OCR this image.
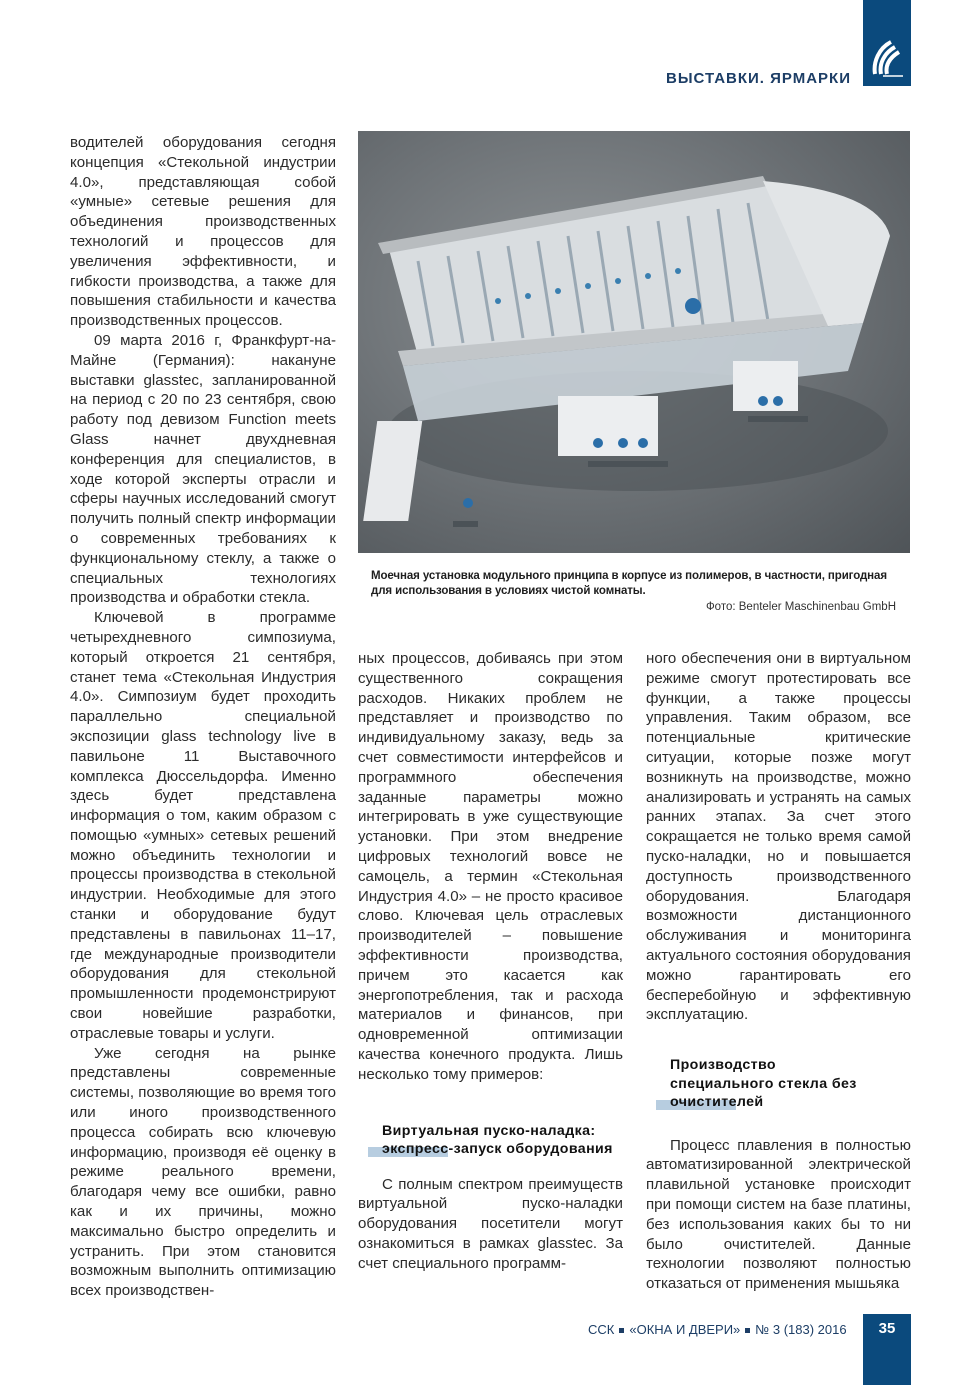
ВЫСТАВКИ. ЯРМАРКИ

водителей оборудования сегодня концепция «Стекольной индустрии 4.0», представляющая собой «умные» сетевые решения для объединения производственных технологий и процессов для увеличения эффективности, и гибкости производства, а также для повышения стабильности и качества производственных процессов.

09 марта 2016 г, Франкфурт-на-Майне (Германия): накануне выставки glasstec, запланированной на период с 20 по 23 сентября, свою работу под девизом Function meets Glass начнет двухдневная конференция для специалистов, в ходе которой эксперты отрасли и сферы научных исследований смогут получить полный спектр информации о современных требованиях к функциональному стеклу, а также о специальных технологиях производства и обработки стекла.

Ключевой в программе четырехдневного симпозиума, который откроется 21 сентября, станет тема «Стекольная Индустрия 4.0». Симпозиум будет проходить параллельно специальной экспозиции glass technology live в павильоне 11 Выставочного комплекса Дюссельдорфа. Именно здесь будет представлена информация о том, каким образом с помощью «умных» сетевых решений можно объединить технологии и процессы производства в стекольной индустрии. Необходимые для этого станки и оборудование будут представлены в павильонах 11–17, где международные производители оборудования для стекольной промышленности продемонстрируют свои новейшие разработки, отраслевые товары и услуги.

Уже сегодня на рынке представлены современные системы, позволяющие во время того или иного производственного процесса собирать всю ключевую информацию, производя её оценку в режиме реального времени, благодаря чему все ошибки, равно как и их причины, можно максимально быстро определить и устранить. При этом становится возможным выполнить оптимизацию всех производствен-

Моечная установка модульного принципа в корпусе из полимеров, в частности, пригодная для использования в условиях чистой комнаты.
Фото: Benteler Maschinenbau GmbH

ных процессов, добиваясь при этом существенного сокращения расходов. Никаких проблем не представляет и производство по индивидуальному заказу, ведь за счет совместимости интерфейсов и программного обеспечения заданные параметры можно интегрировать в уже существующие установки. При этом внедрение цифровых технологий вовсе не самоцель, а термин «Стекольная Индустрия 4.0» – не просто красивое слово. Ключевая цель отраслевых производителей – повышение эффективности производства, причем это касается как энергопотребления, так и расхода материалов и финансов, при одновременной оптимизации качества конечного продукта. Лишь несколько тому примеров:

Виртуальная пуско-наладка: экспресс-запуск оборудования

С полным спектром преимуществ виртуальной пуско-наладки оборудования посетители могут ознакомиться в рамках glasstec. За счет специального программ-

ного обеспечения они в виртуальном режиме смогут протестировать все функции, а также процессы управления. Таким образом, все потенциальные критические ситуации, которые позже могут возникнуть на производстве, можно анализировать и устранять на самых ранних этапах. За счет этого сокращается не только время самой пуско-наладки, но и повышается доступность производственного оборудования. Благодаря возможности дистанционного обслуживания и мониторинга актуального состояния оборудования можно гарантировать его бесперебойную и эффективную эксплуатацию.

Производство специального стекла без очистителей

Процесс плавления в полностью автоматизированной электрической плавильной установке происходит при помощи систем на базе платины, без использования каких бы то ни было очистителей. Данные технологии позволяют полностью отказаться от применения мышьяка

ССК «ОКНА И ДВЕРИ» № 3 (183) 2016	35
